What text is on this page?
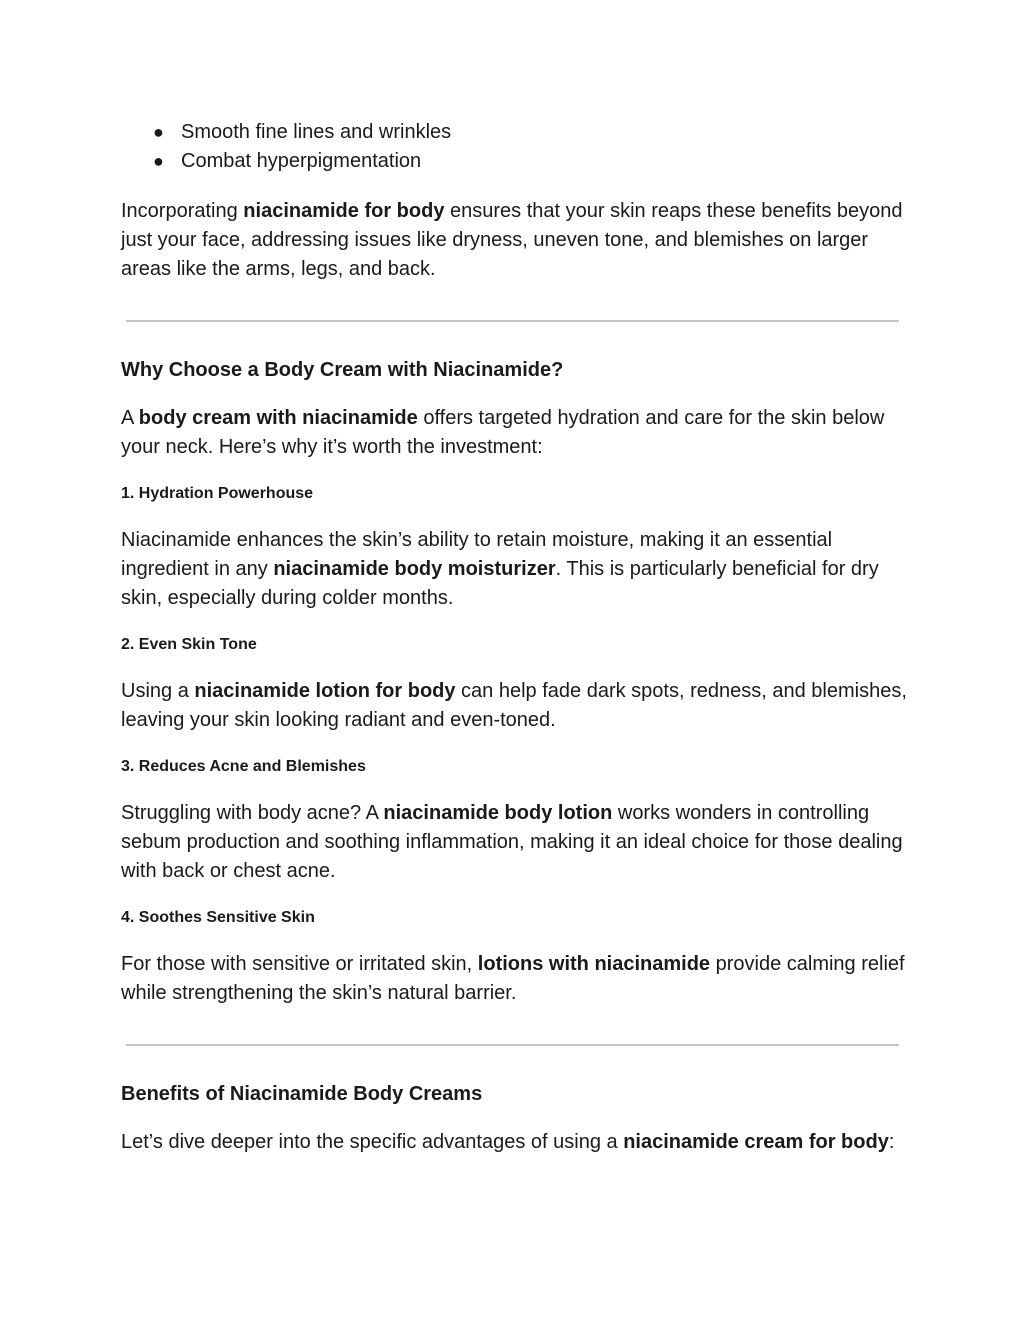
● Smooth fine lines and wrinkles
● Combat hyperpigmentation

Incorporating niacinamide for body ensures that your skin reaps these benefits beyond just your face, addressing issues like dryness, uneven tone, and blemishes on larger areas like the arms, legs, and back.

Why Choose a Body Cream with Niacinamide?

A body cream with niacinamide offers targeted hydration and care for the skin below your neck. Here’s why it’s worth the investment:

1. Hydration Powerhouse

Niacinamide enhances the skin’s ability to retain moisture, making it an essential ingredient in any niacinamide body moisturizer. This is particularly beneficial for dry skin, especially during colder months.

2. Even Skin Tone

Using a niacinamide lotion for body can help fade dark spots, redness, and blemishes, leaving your skin looking radiant and even-toned.

3. Reduces Acne and Blemishes

Struggling with body acne? A niacinamide body lotion works wonders in controlling sebum production and soothing inflammation, making it an ideal choice for those dealing with back or chest acne.

4. Soothes Sensitive Skin

For those with sensitive or irritated skin, lotions with niacinamide provide calming relief while strengthening the skin’s natural barrier.

Benefits of Niacinamide Body Creams

Let’s dive deeper into the specific advantages of using a niacinamide cream for body:
